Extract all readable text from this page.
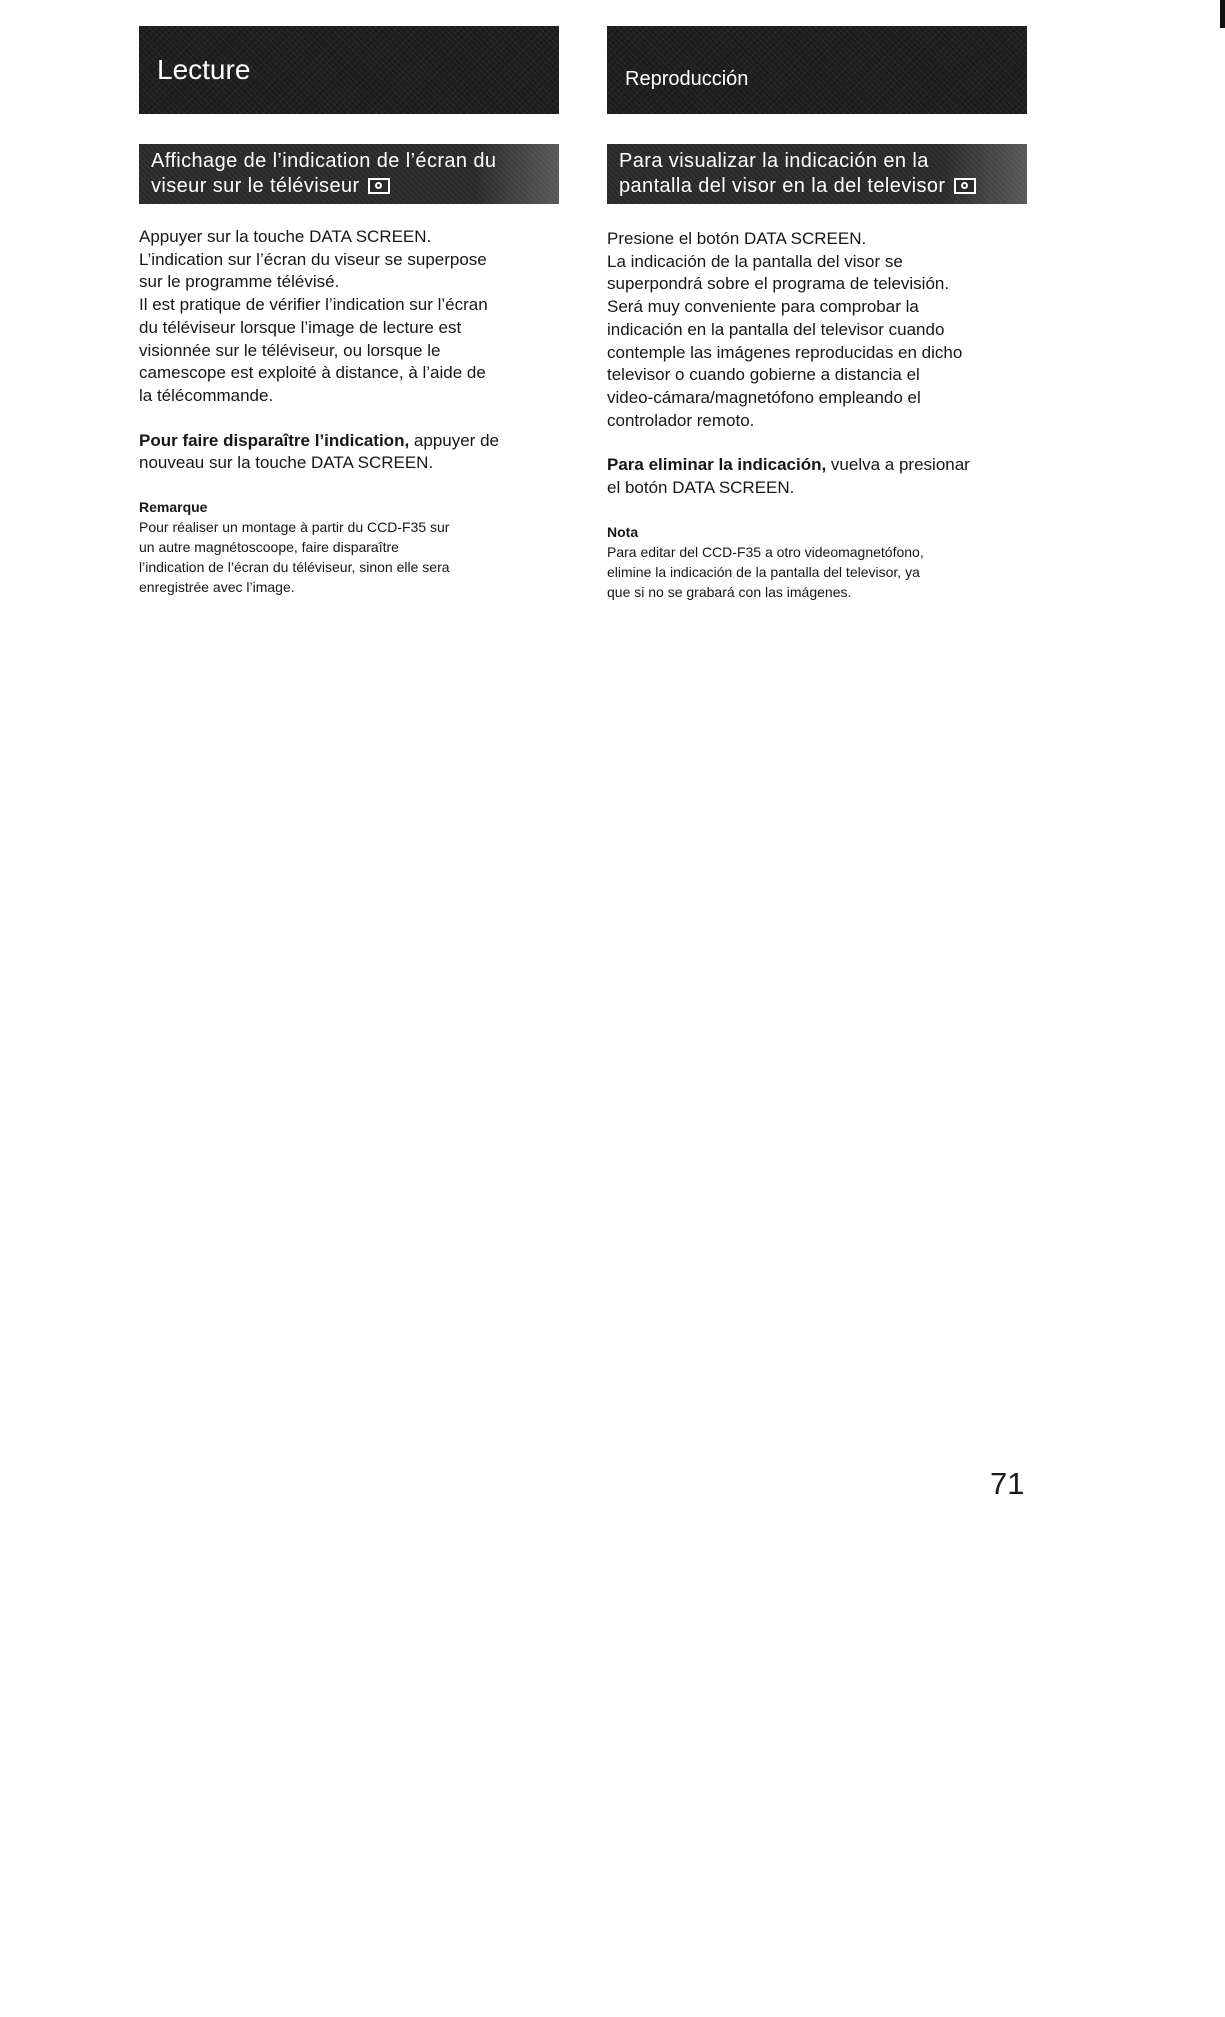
Lecture
Affichage de l’indication de l’écran du
viseur sur le téléviseur

Appuyer sur la touche DATA SCREEN.
L’indication sur l’écran du viseur se superpose
sur le programme télévisé.
Il est pratique de vérifier l’indication sur l’écran
du téléviseur lorsque l’image de lecture est
visionnée sur le téléviseur, ou lorsque le
camescope est exploité à distance, à l’aide de
la télécommande.

Pour faire disparaître l’indication, appuyer de
nouveau sur la touche DATA SCREEN.

Remarque

Pour réaliser un montage à partir du CCD-F35 sur
un autre magnétoscoope, faire disparaître
l’indication de l’écran du téléviseur, sinon elle sera
enregistrée avec l’image.

Reproducción
Para visualizar la indicación en la
pantalla del visor en la del televisor

Presione el botón DATA SCREEN.
La indicación de la pantalla del visor se
superpondrá sobre el programa de televisión.
Será muy conveniente para comprobar la
indicación en la pantalla del televisor cuando
contemple las imágenes reproducidas en dicho
televisor o cuando gobierne a distancia el
video-cámara/magnetófono empleando el
controlador remoto.

Para eliminar la indicación, vuelva a presionar
el botón DATA SCREEN.

Nota

Para editar del CCD-F35 a otro videomagnetófono,
elimine la indicación de la pantalla del televisor, ya
que si no se grabará con las imágenes.

71
